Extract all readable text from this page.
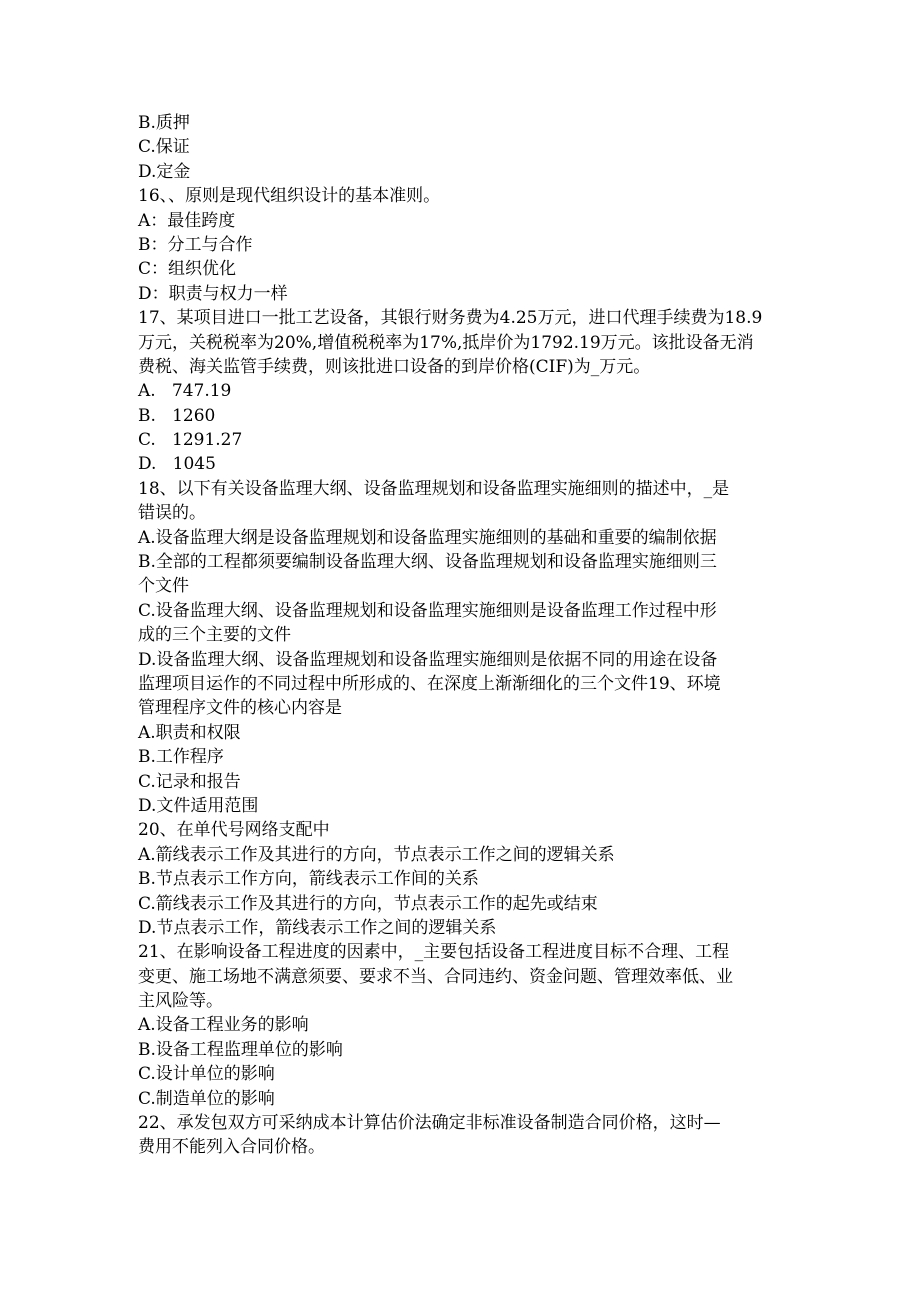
B.质押
C.保证
D.定金
16、、原则是现代组织设计的基本准则。
A：最佳跨度
B：分工与合作
C：组织优化
D：职责与权力一样
17、某项目进口一批工艺设备，其银行财务费为4.25万元，进口代理手续费为18.9
万元，关税税率为20%,增值税税率为17%,抵岸价为1792.19万元。该批设备无消
费税、海关监管手续费，则该批进口设备的到岸价格(CIF)为_万元。
A.   747.19
B.   1260
C.   1291.27
D.   1045
18、以下有关设备监理大纲、设备监理规划和设备监理实施细则的描述中，_是
错误的。
A.设备监理大纲是设备监理规划和设备监理实施细则的基础和重要的编制依据
B.全部的工程都须要编制设备监理大纲、设备监理规划和设备监理实施细则三
个文件
C.设备监理大纲、设备监理规划和设备监理实施细则是设备监理工作过程中形
成的三个主要的文件
D.设备监理大纲、设备监理规划和设备监理实施细则是依据不同的用途在设备
监理项目运作的不同过程中所形成的、在深度上渐渐细化的三个文件19、环境
管理程序文件的核心内容是
A.职责和权限
B.工作程序
C.记录和报告
D.文件适用范围
20、在单代号网络支配中
A.箭线表示工作及其进行的方向，节点表示工作之间的逻辑关系
B.节点表示工作方向，箭线表示工作间的关系
C.箭线表示工作及其进行的方向，节点表示工作的起先或结束
D.节点表示工作，箭线表示工作之间的逻辑关系
21、在影响设备工程进度的因素中，_主要包括设备工程进度目标不合理、工程
变更、施工场地不满意须要、要求不当、合同违约、资金问题、管理效率低、业
主风险等。
A.设备工程业务的影响
B.设备工程监理单位的影响
C.设计单位的影响
C.制造单位的影响
22、承发包双方可采纳成本计算估价法确定非标准设备制造合同价格，这时—
费用不能列入合同价格。
